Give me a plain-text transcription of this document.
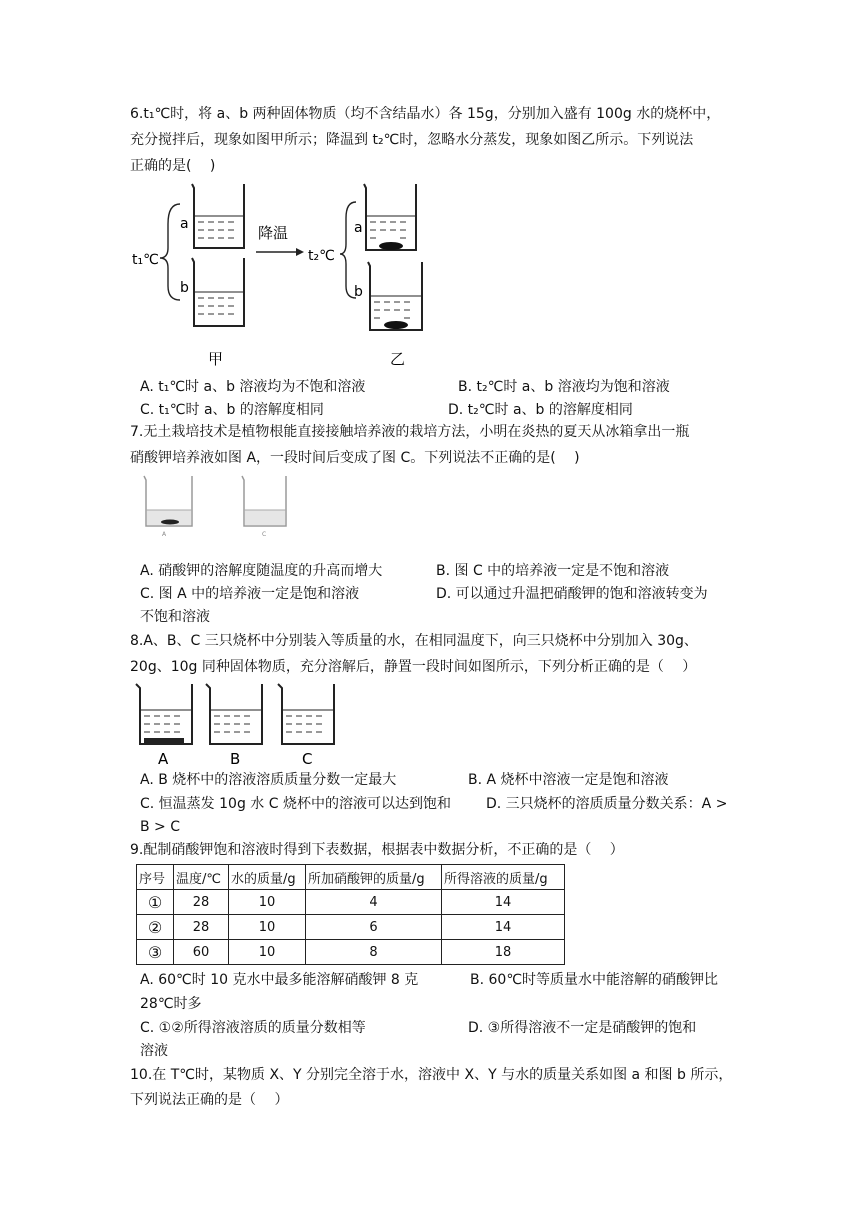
6.t₁℃时，将 a、b 两种固体物质（均不含结晶水）各 15g，分别加入盛有 100g 水的烧杯中，
充分搅拌后，现象如图甲所示；降温到 t₂℃时，忽略水分蒸发，现象如图乙所示。下列说法
正确的是(　 )
t₁℃
a
b
降温
t₂℃
a
b
甲	乙
A. t₁℃时 a、b 溶液均为不饱和溶液	B. t₂℃时 a、b 溶液均为饱和溶液
C. t₁℃时 a、b 的溶解度相同	D. t₂℃时 a、b 的溶解度相同
7.无土栽培技术是植物根能直接接触培养液的栽培方法，小明在炎热的夏天从冰箱拿出一瓶
硝酸钾培养液如图 A，一段时间后变成了图 C。下列说法不正确的是(　 )
A	C
A. 硝酸钾的溶解度随温度的升高而增大	B. 图 C 中的培养液一定是不饱和溶液
C. 图 A 中的培养液一定是饱和溶液	D. 可以通过升温把硝酸钾的饱和溶液转变为
不饱和溶液
8.A、B、C 三只烧杯中分别装入等质量的水，在相同温度下，向三只烧杯中分别加入 30g、
20g、10g 同种固体物质，充分溶解后，静置一段时间如图所示，下列分析正确的是（　 ）
A	B	C
A. B 烧杯中的溶液溶质质量分数一定最大	B. A 烧杯中溶液一定是饱和溶液
C. 恒温蒸发 10g 水 C 烧杯中的溶液可以达到饱和	D. 三只烧杯的溶质质量分数关系：A >
B > C
9.配制硝酸钾饱和溶液时得到下表数据，根据表中数据分析，不正确的是（　 ）
序号	温度/℃	水的质量/g	所加硝酸钾的质量/g	所得溶液的质量/g
①	28	10	4	14
②	28	10	6	14
③	60	10	8	18
A. 60℃时 10 克水中最多能溶解硝酸钾 8 克	B. 60℃时等质量水中能溶解的硝酸钾比
28℃时多
C. ①②所得溶液溶质的质量分数相等	D. ③所得溶液不一定是硝酸钾的饱和
溶液
10.在 T℃时，某物质 X、Y 分别完全溶于水，溶液中 X、Y 与水的质量关系如图 a 和图 b 所示，
下列说法正确的是（　 ）
